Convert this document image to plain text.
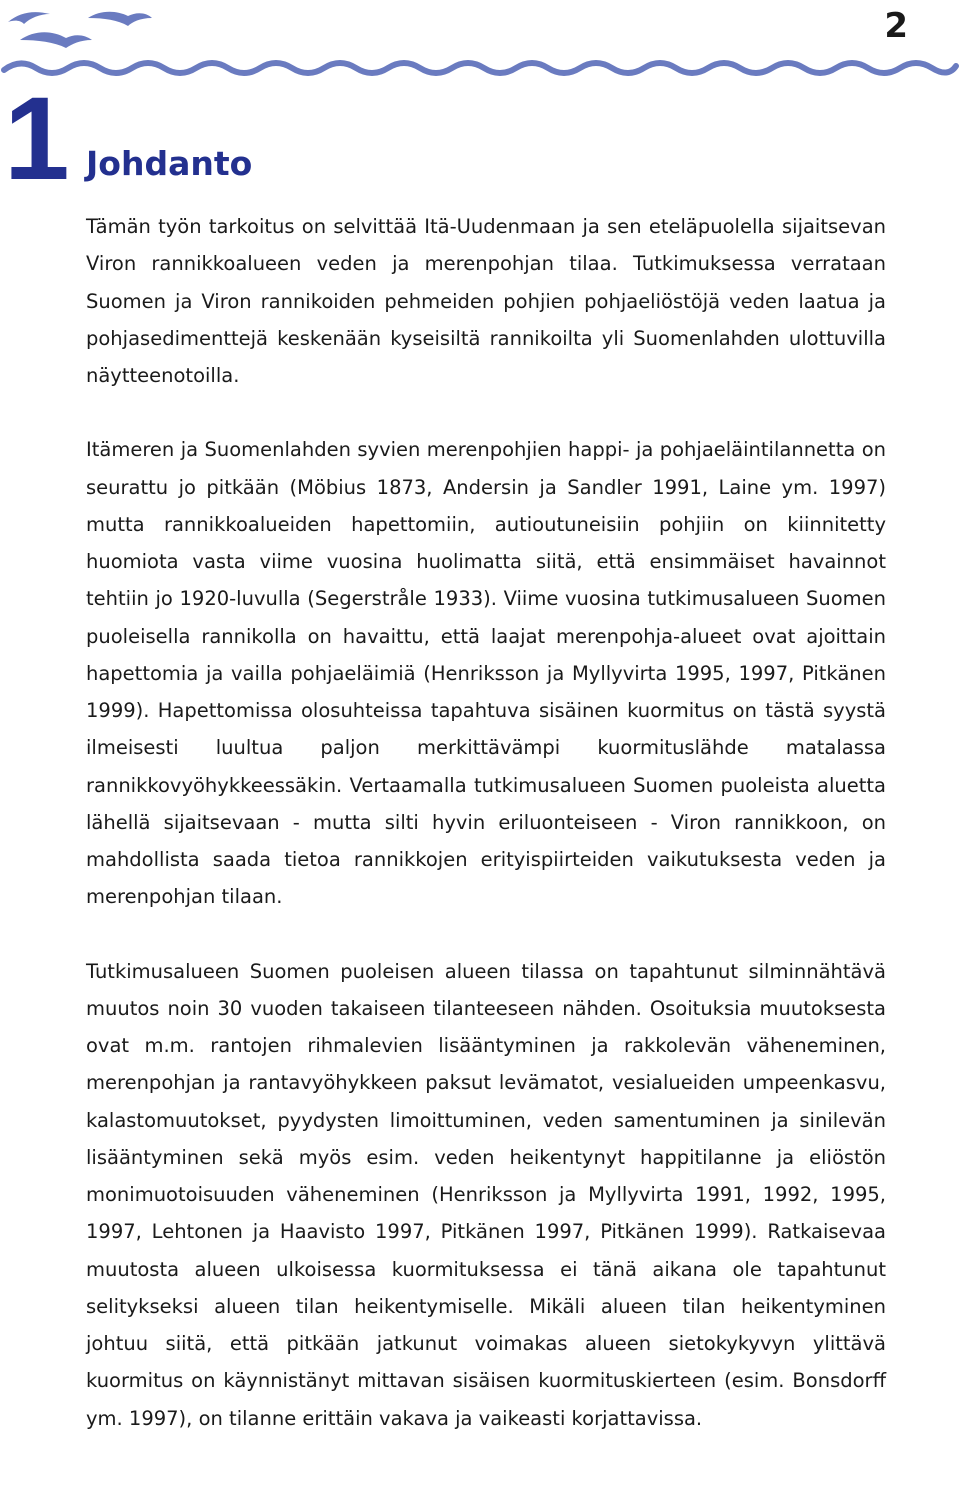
2
1 Johdanto

Tämän työn tarkoitus on selvittää Itä-Uudenmaan ja sen eteläpuolella sijaitsevan Viron rannikkoalueen veden ja merenpohjan tilaa. Tutkimuksessa verrataan Suomen ja Viron rannikoiden pehmeiden pohjien pohjaeliöstöjä veden laatua ja pohjasedimenttejä keskenään kyseisiltä rannikoilta yli Suomenlahden ulottuvilla näytteenotoilla.

Itämeren ja Suomenlahden syvien merenpohjien happi- ja pohjaeläintilannetta on seurattu jo pitkään (Möbius 1873, Andersin ja Sandler 1991, Laine ym. 1997) mutta rannikkoalueiden hapettomiin, autioutuneisiin pohjiin on kiinnitetty huomiota vasta viime vuosina huolimatta siitä, että ensimmäiset havainnot tehtiin jo 1920-luvulla (Segerstråle 1933). Viime vuosina tutkimusalueen Suomen puoleisella rannikolla on havaittu, että laajat merenpohja-alueet ovat ajoittain hapettomia ja vailla pohjaeläimiä (Henriksson ja Myllyvirta 1995, 1997, Pitkänen 1999). Hapettomissa olosuhteissa tapahtuva sisäinen kuormitus on tästä syystä ilmeisesti luultua paljon merkittävämpi kuormituslähde matalassa rannikkovyöhykkeessäkin. Vertaamalla tutkimusalueen Suomen puoleista aluetta lähellä sijaitsevaan - mutta silti hyvin eriluonteiseen - Viron rannikkoon, on mahdollista saada tietoa rannikkojen erityispiirteiden vaikutuksesta veden ja merenpohjan tilaan.

Tutkimusalueen Suomen puoleisen alueen tilassa on tapahtunut silminnähtävä muutos noin 30 vuoden takaiseen tilanteeseen nähden. Osoituksia muutoksesta ovat m.m. rantojen rihmalevien lisääntyminen ja rakkolevän väheneminen, merenpohjan ja rantavyöhykkeen paksut levämatot, vesialueiden umpeenkasvu, kalastomuutokset, pyydysten limoittuminen, veden samentuminen ja sinilevän lisääntyminen sekä myös esim. veden heikentynyt happitilanne ja eliöstön monimuotoisuuden väheneminen (Henriksson ja Myllyvirta 1991, 1992, 1995, 1997, Lehtonen ja Haavisto 1997, Pitkänen 1997, Pitkänen 1999). Ratkaisevaa muutosta alueen ulkoisessa kuormituksessa ei tänä aikana ole tapahtunut selitykseksi alueen tilan heikentymiselle. Mikäli alueen tilan heikentyminen johtuu siitä, että pitkään jatkunut voimakas alueen sietokykyvyn ylittävä kuormitus on käynnistänyt mittavan sisäisen kuormituskierteen (esim. Bonsdorff ym. 1997), on tilanne erittäin vakava ja vaikeasti korjattavissa.
